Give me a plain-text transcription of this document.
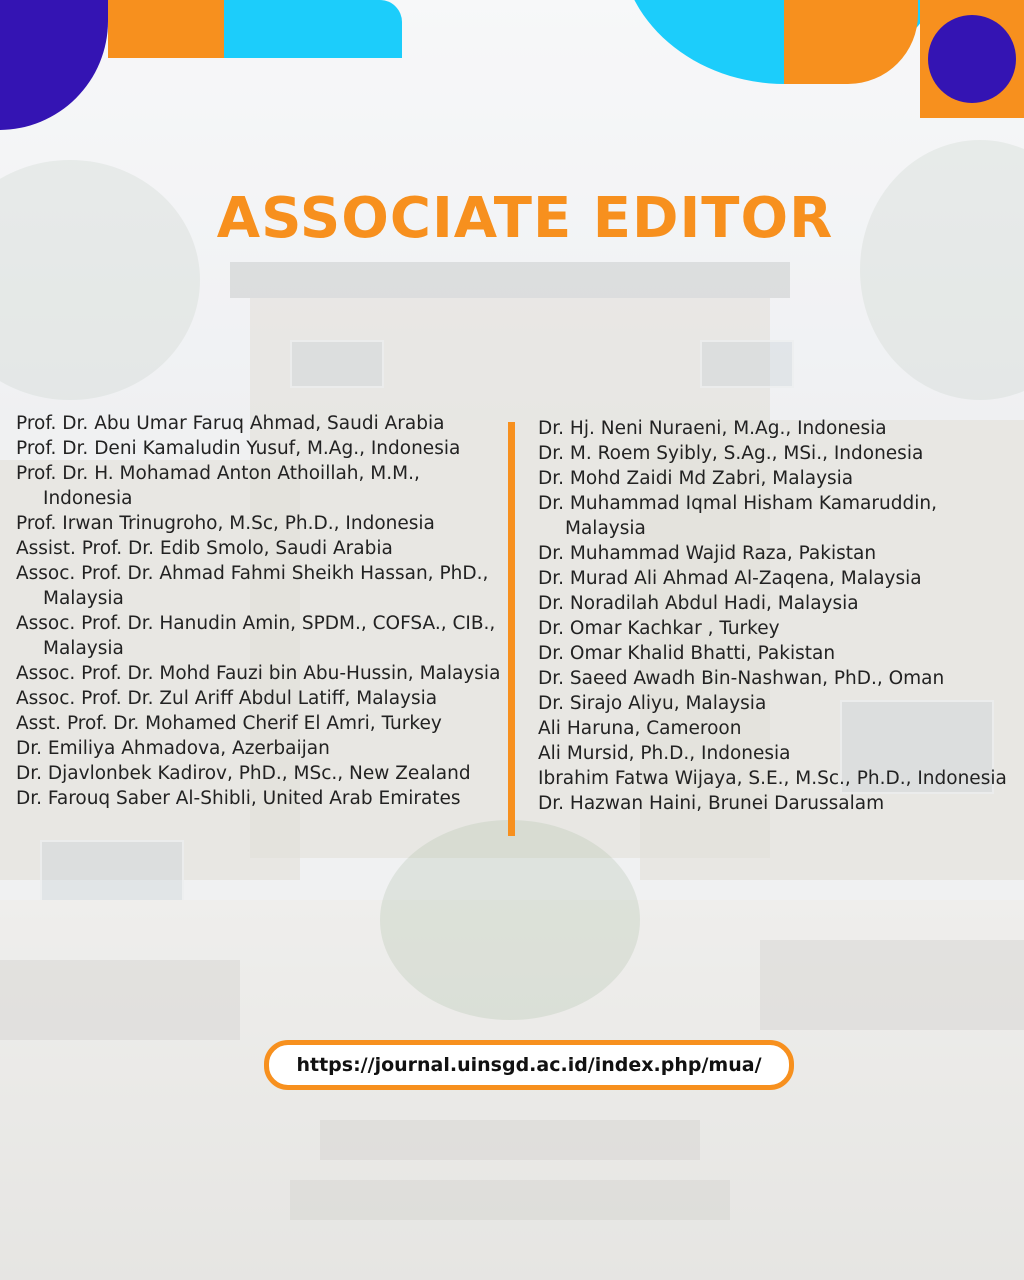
ASSOCIATE EDITOR
Prof. Dr. Abu Umar Faruq Ahmad, Saudi Arabia
Prof. Dr. Deni Kamaludin Yusuf, M.Ag., Indonesia
Prof. Dr. H. Mohamad Anton Athoillah, M.M., Indonesia
Prof. Irwan Trinugroho, M.Sc, Ph.D., Indonesia
Assist. Prof. Dr. Edib Smolo, Saudi Arabia
Assoc. Prof. Dr. Ahmad Fahmi Sheikh Hassan, PhD., Malaysia
Assoc. Prof. Dr. Hanudin Amin, SPDM., COFSA., CIB., Malaysia
Assoc. Prof. Dr. Mohd Fauzi bin Abu-Hussin, Malaysia
Assoc. Prof. Dr. Zul Ariff Abdul Latiff, Malaysia
Asst. Prof. Dr. Mohamed Cherif El Amri, Turkey
Dr. Emiliya Ahmadova, Azerbaijan
Dr. Djavlonbek Kadirov, PhD., MSc., New Zealand
Dr. Farouq Saber Al-Shibli, United Arab Emirates
Dr. Hj. Neni Nuraeni, M.Ag., Indonesia
Dr. M. Roem Syibly, S.Ag., MSi., Indonesia
Dr. Mohd Zaidi Md Zabri, Malaysia
Dr. Muhammad Iqmal Hisham Kamaruddin, Malaysia
Dr. Muhammad Wajid Raza, Pakistan
Dr. Murad Ali Ahmad Al-Zaqena, Malaysia
Dr. Noradilah Abdul Hadi, Malaysia
Dr. Omar Kachkar , Turkey
Dr. Omar Khalid Bhatti, Pakistan
Dr. Saeed Awadh Bin-Nashwan, PhD., Oman
Dr. Sirajo Aliyu, Malaysia
Ali Haruna, Cameroon
Ali Mursid, Ph.D., Indonesia
Ibrahim Fatwa Wijaya, S.E., M.Sc., Ph.D., Indonesia
Dr. Hazwan Haini, Brunei Darussalam
https://journal.uinsgd.ac.id/index.php/mua/
